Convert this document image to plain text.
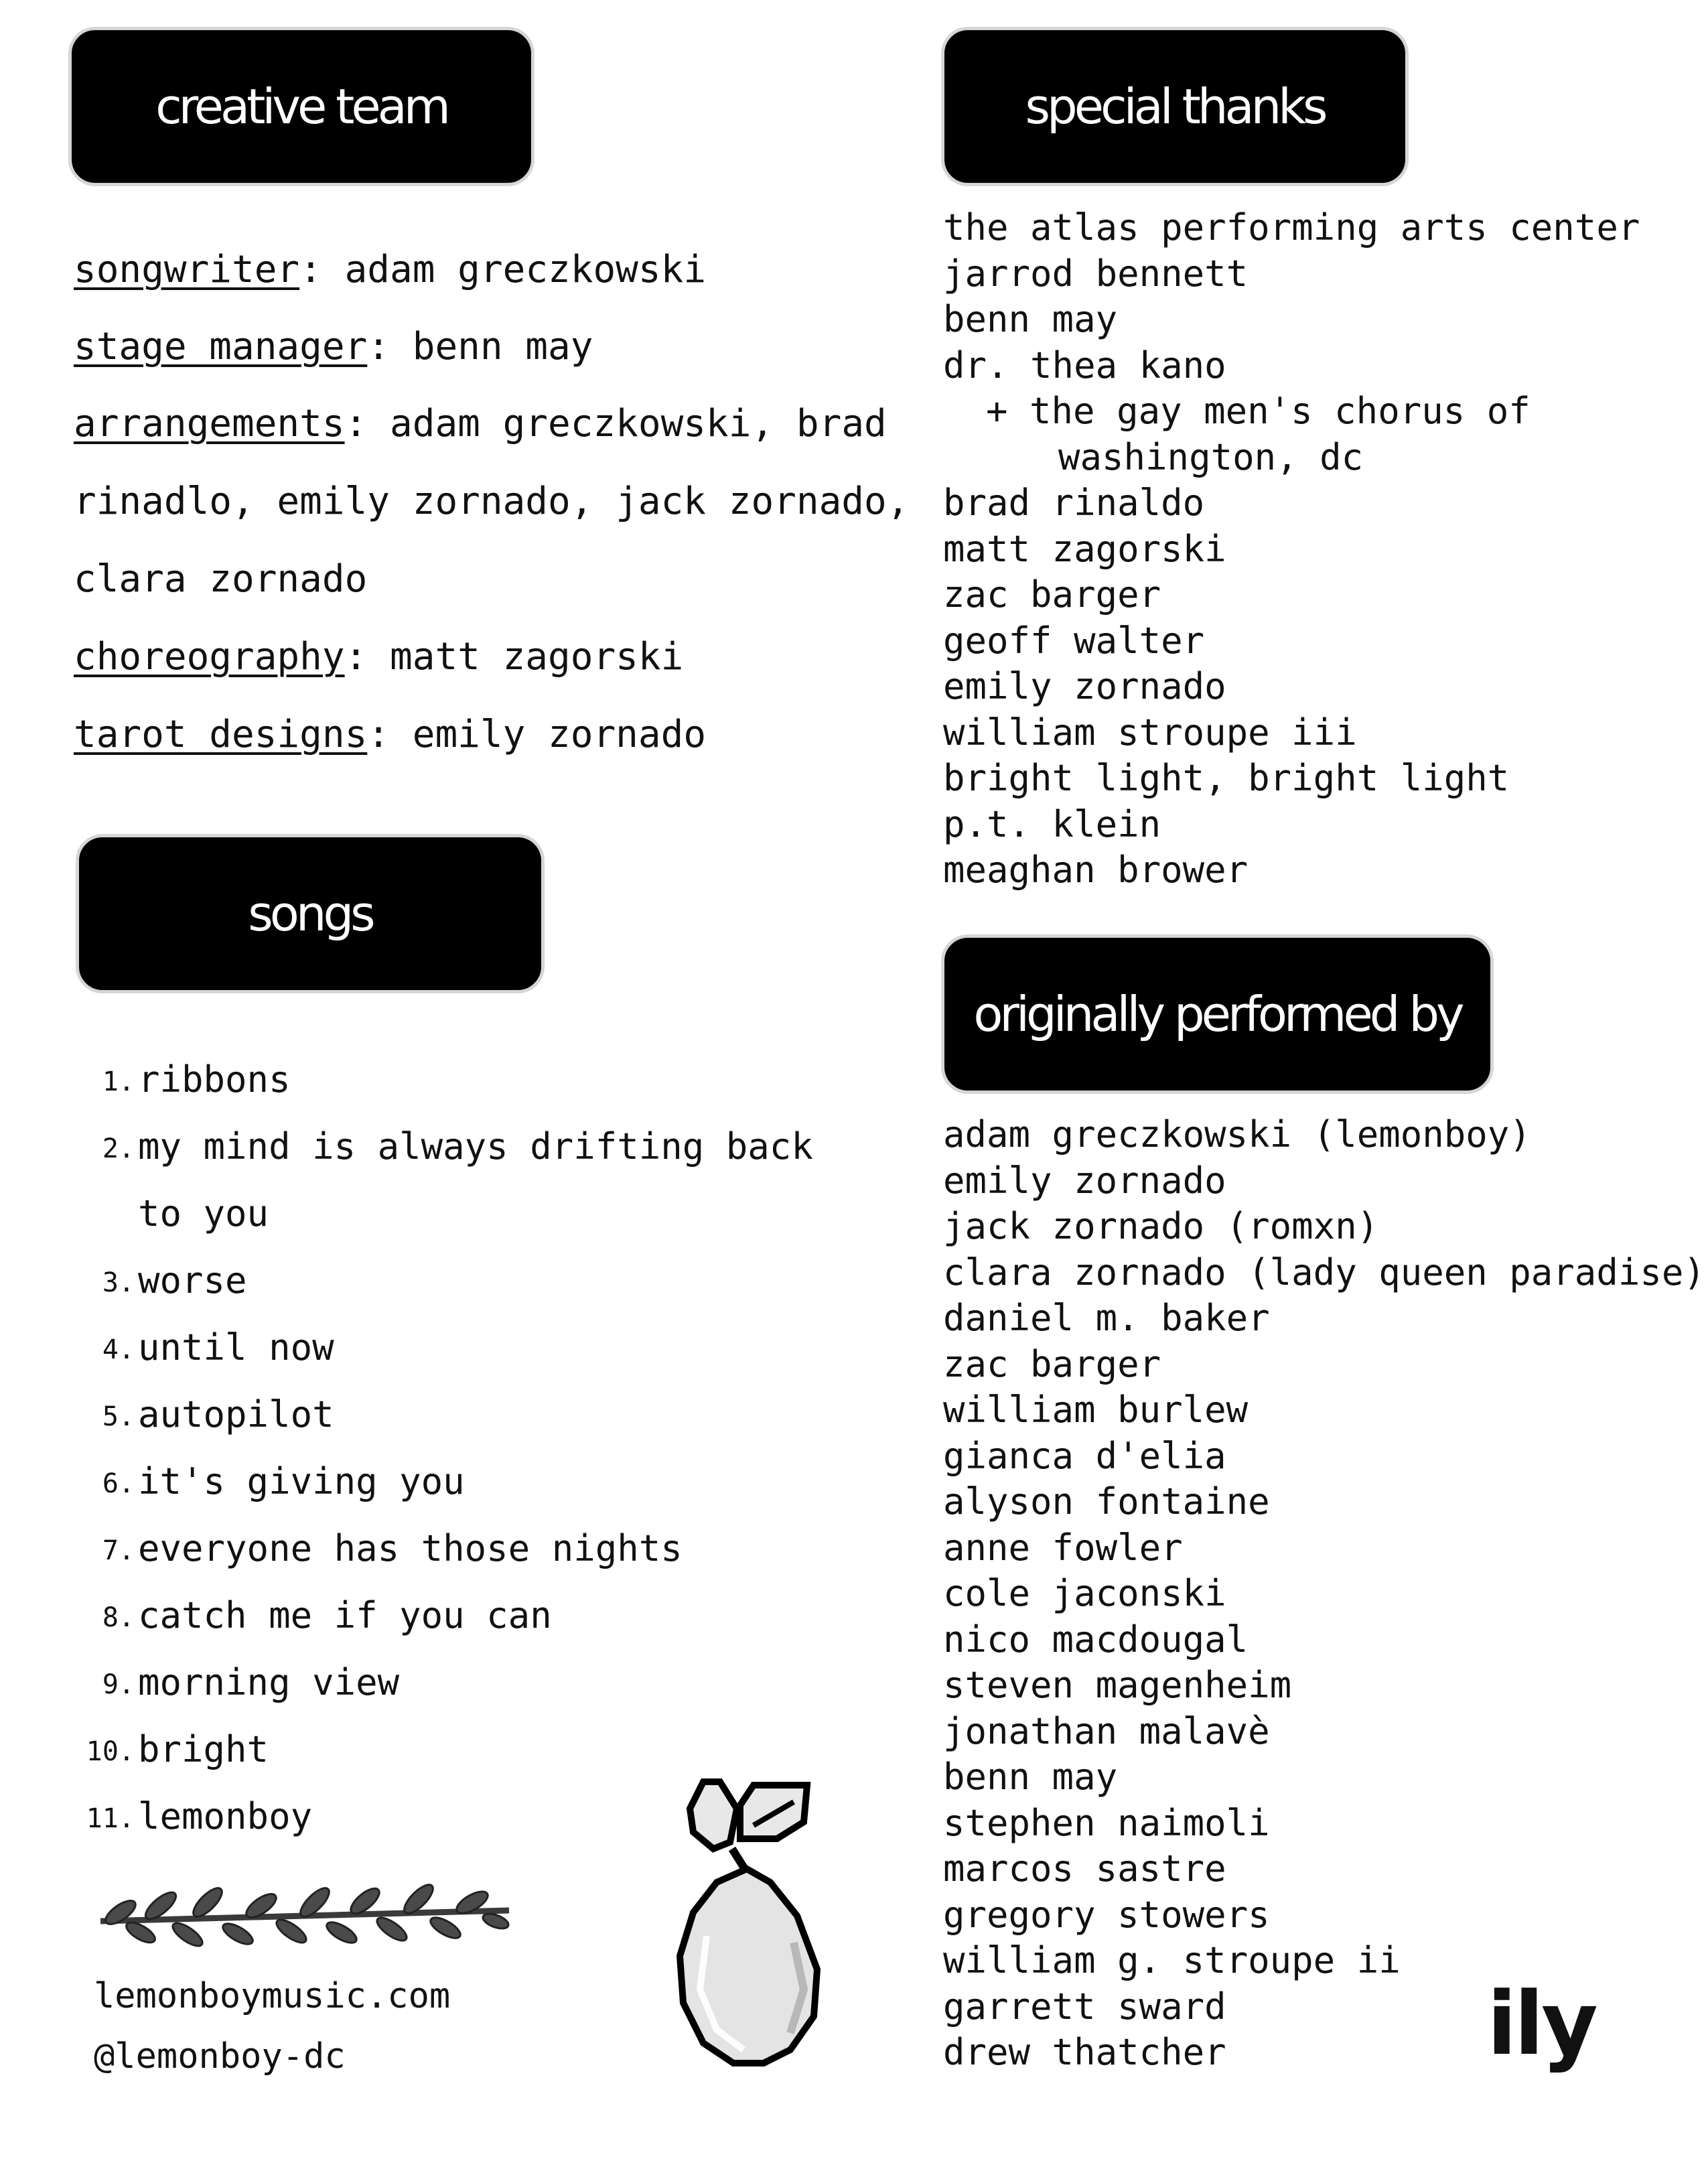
creative team
songwriter: adam greczkowski
stage manager: benn may
arrangements: adam greczkowski, brad
rinadlo, emily zornado, jack zornado,
clara zornado
choreography: matt zagorski
tarot designs: emily zornado
songs
1. ribbons
2. my mind is always drifting back
to you
3. worse
4. until now
5. autopilot
6. it's giving you
7. everyone has those nights
8. catch me if you can
9. morning view
10. bright
11. lemonboy
lemonboymusic.com
@lemonboy-dc
special thanks
the atlas performing arts center
jarrod bennett
benn may
dr. thea kano
+ the gay men's chorus of
washington, dc
brad rinaldo
matt zagorski
zac barger
geoff walter
emily zornado
william stroupe iii
bright light, bright light
p.t. klein
meaghan brower
originally performed by
adam greczkowski (lemonboy)
emily zornado
jack zornado (romxn)
clara zornado (lady queen paradise)
daniel m. baker
zac barger
william burlew
gianca d'elia
alyson fontaine
anne fowler
cole jaconski
nico macdougal
steven magenheim
jonathan malavè
benn may
stephen naimoli
marcos sastre
gregory stowers
william g. stroupe ii
garrett sward
drew thatcher	ily
